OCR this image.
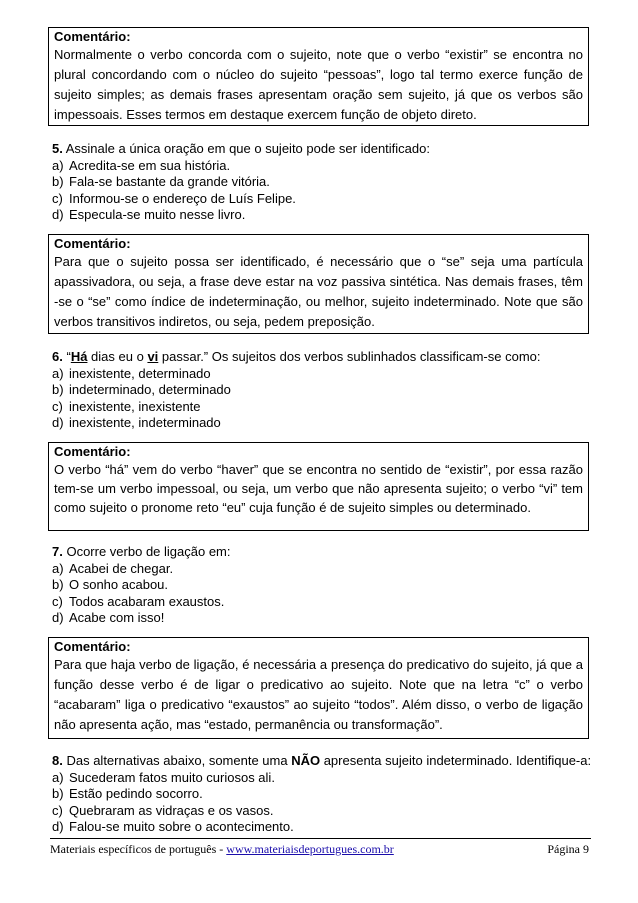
Comentário:
Normalmente o verbo concorda com o sujeito, note que o verbo “existir” se encontra no plural concordando com o núcleo do sujeito “pessoas”, logo tal termo exerce função de sujeito simples; as demais frases apresentam oração sem sujeito, já que os verbos são impessoais. Esses termos em destaque exercem função de objeto direto.
5. Assinale a única oração em que o sujeito pode ser identificado:
a) Acredita-se em sua história.
b) Fala-se bastante da grande vitória.
c) Informou-se o endereço de Luís Felipe.
d) Especula-se muito nesse livro.
Comentário:
Para que o sujeito possa ser identificado, é necessário que o “se” seja uma partícula apassivadora, ou seja, a frase deve estar na voz passiva sintética. Nas demais frases, têm -se o “se” como índice de indeterminação, ou melhor, sujeito indeterminado. Note que são verbos transitivos indiretos, ou seja, pedem preposição.
6. “Há dias eu o vi passar.” Os sujeitos dos verbos sublinhados classificam-se como:
a) inexistente, determinado
b) indeterminado, determinado
c) inexistente, inexistente
d) inexistente, indeterminado
Comentário:
O verbo “há” vem do verbo “haver” que se encontra no sentido de “existir”, por essa razão tem-se um verbo impessoal, ou seja, um verbo que não apresenta sujeito; o verbo “vi” tem como sujeito o pronome reto “eu” cuja função é de sujeito simples ou determinado.
7. Ocorre verbo de ligação em:
a) Acabei de chegar.
b) O sonho acabou.
c) Todos acabaram exaustos.
d) Acabe com isso!
Comentário:
Para que haja verbo de ligação, é necessária a presença do predicativo do sujeito, já que a função desse verbo é de ligar o predicativo ao sujeito. Note que na letra “c” o verbo “acabaram” liga o predicativo “exaustos” ao sujeito “todos”. Além disso, o verbo de ligação não apresenta ação, mas “estado, permanência ou transformação”.
8. Das alternativas abaixo, somente uma NÃO apresenta sujeito indeterminado. Identifique-a:
a) Sucederam fatos muito curiosos ali.
b) Estão pedindo socorro.
c) Quebraram as vidraças e os vasos.
d) Falou-se muito sobre o acontecimento.
Materiais específicos de português - www.materiaisdeportugues.com.br	Página 9
